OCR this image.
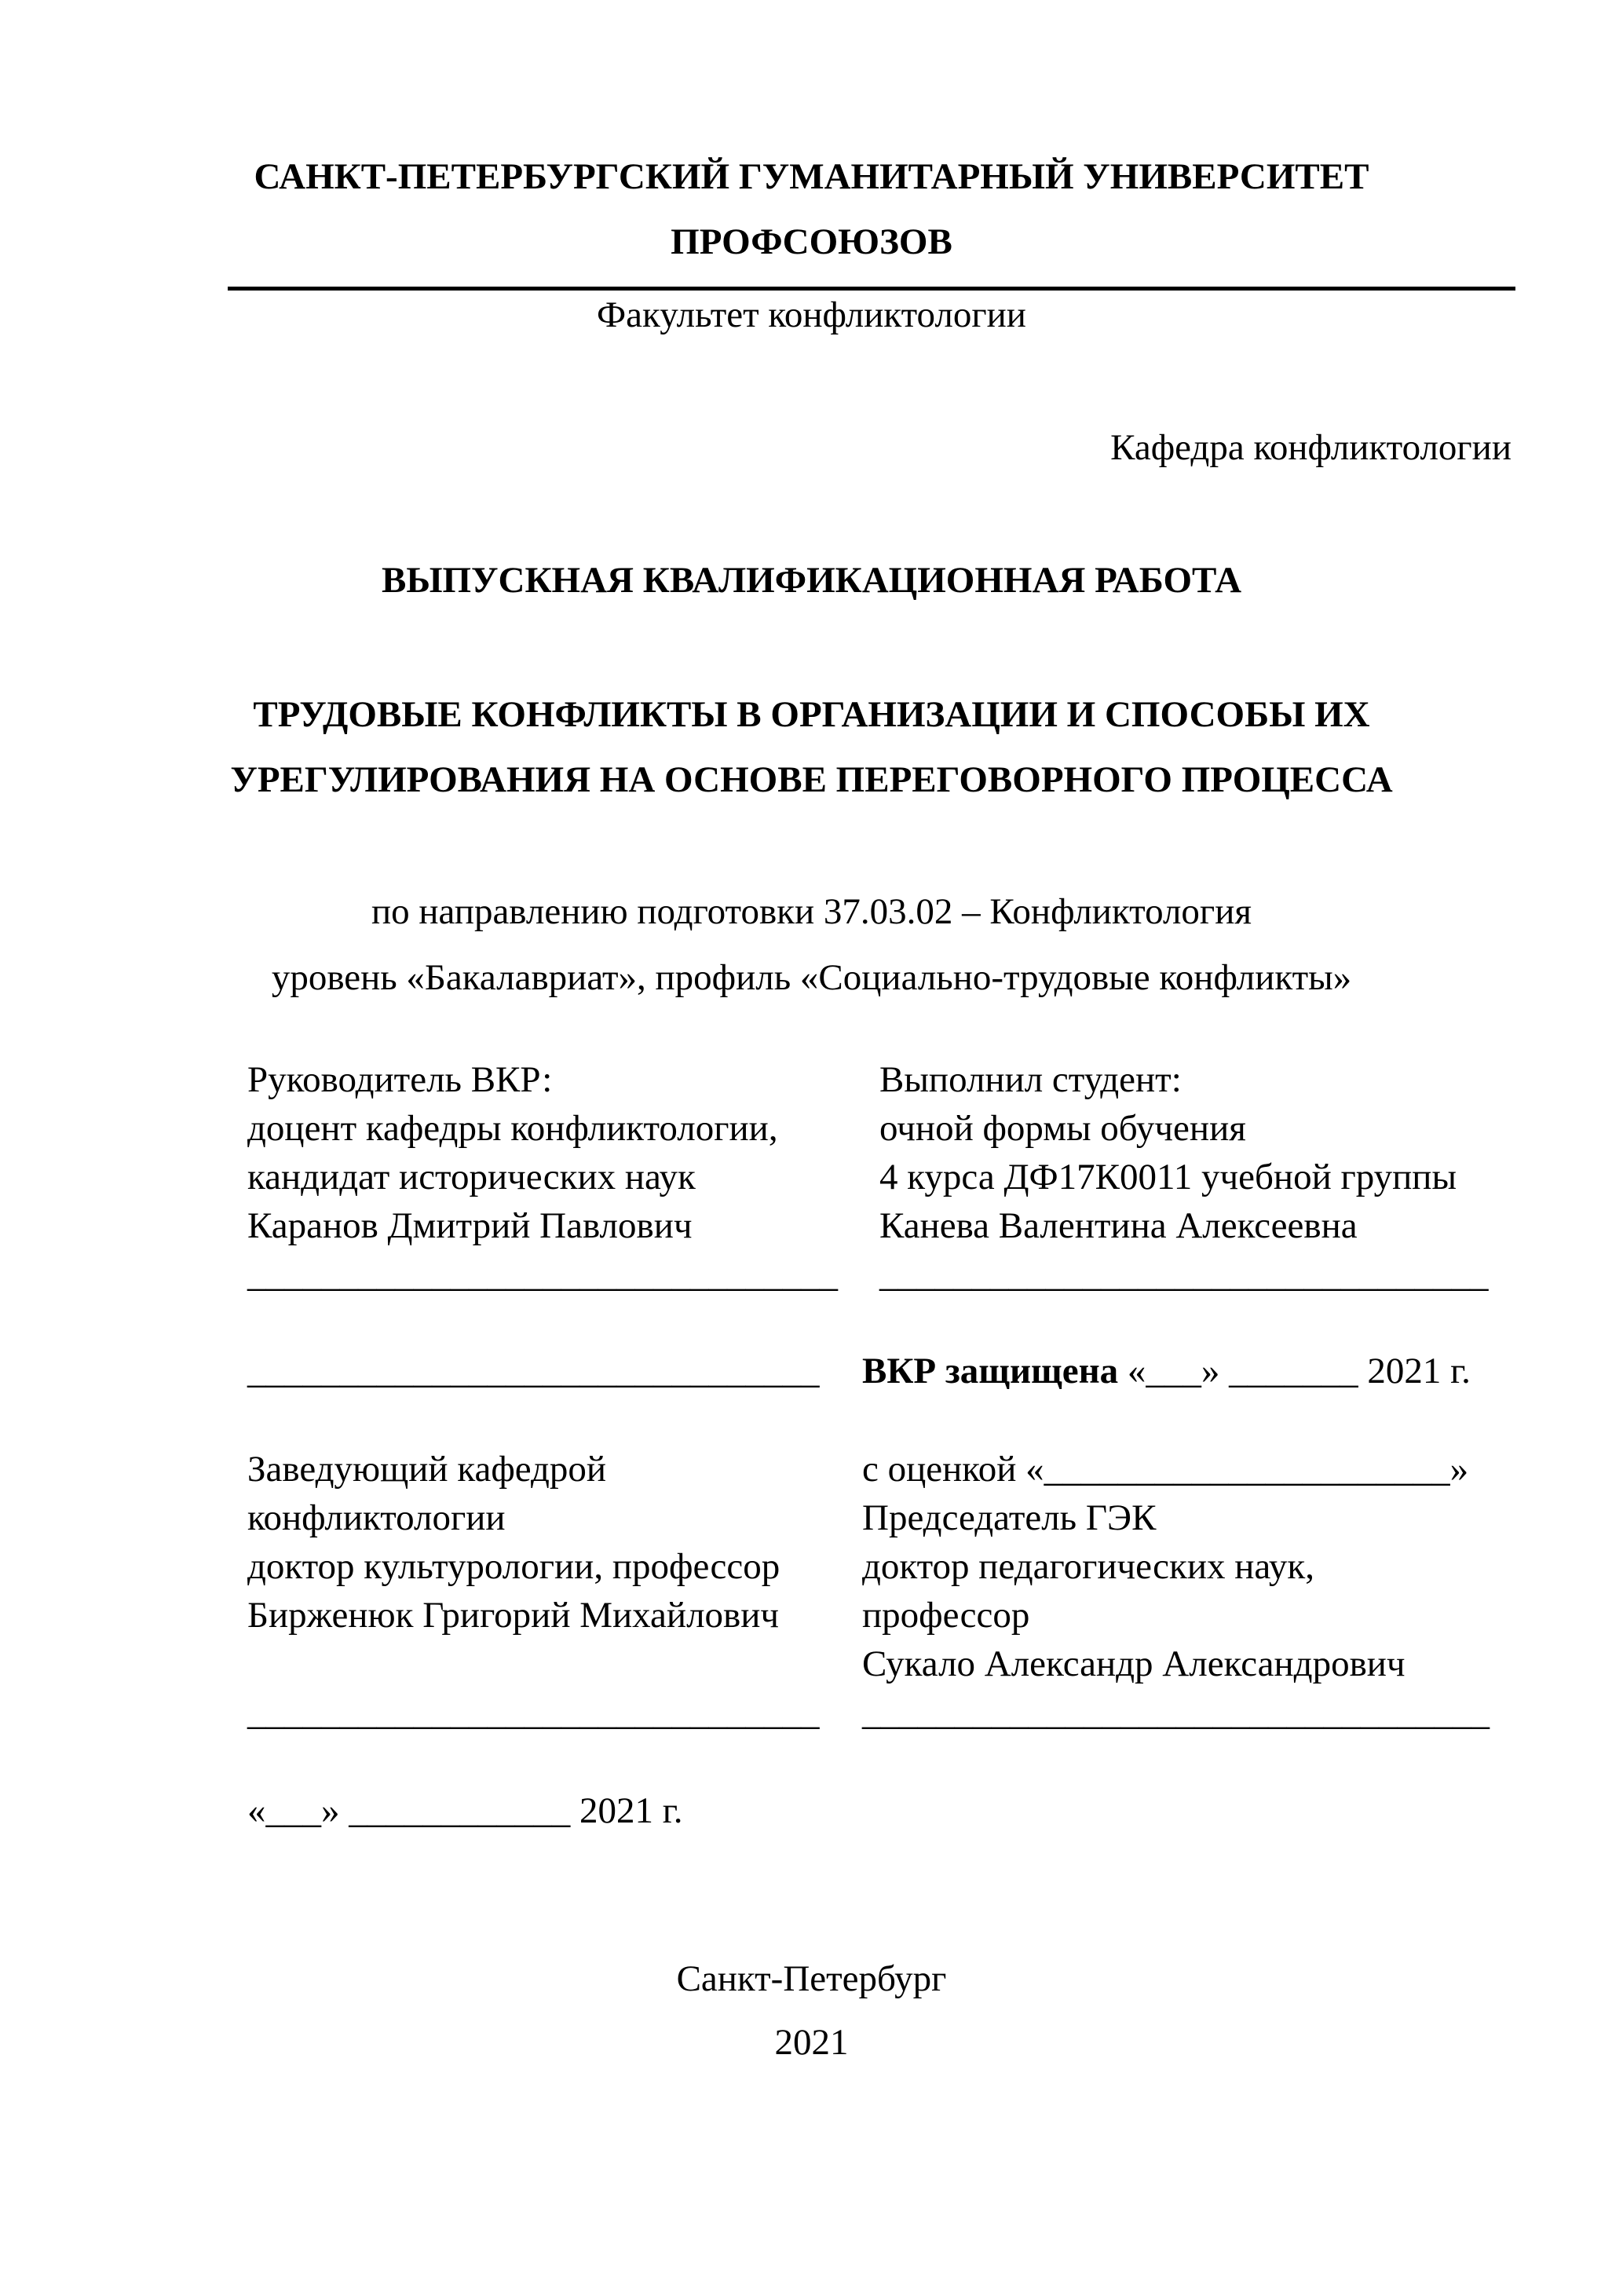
САНКТ-ПЕТЕРБУРГСКИЙ ГУМАНИТАРНЫЙ УНИВЕРСИТЕТ
ПРОФСОЮЗОВ
Факультет конфликтологии
Кафедра конфликтологии
ВЫПУСКНАЯ КВАЛИФИКАЦИОННАЯ РАБОТА
ТРУДОВЫЕ КОНФЛИКТЫ В ОРГАНИЗАЦИИ И СПОСОБЫ ИХ
УРЕГУЛИРОВАНИЯ НА ОСНОВЕ ПЕРЕГОВОРНОГО ПРОЦЕССА
по направлению подготовки 37.03.02 – Конфликтология
уровень «Бакалавриат», профиль «Социально-трудовые конфликты»
Руководитель ВКР:
доцент кафедры конфликтологии,
кандидат исторических наук
Каранов Дмитрий Павлович
________________________________
_______________________________
Выполнил студент:
очной формы обучения
4 курса ДФ17К0011 учебной группы
Канева Валентина Алексеевна
_________________________________
ВКР защищена «___» _______ 2021 г.
Заведующий кафедрой
конфликтологии
доктор культурологии, профессор
Бирженюк Григорий Михайлович
_______________________________
«___» ____________ 2021 г.
с оценкой «______________________»
Председатель ГЭК
доктор педагогических наук,
профессор
Сукало Александр Александрович
__________________________________
Санкт-Петербург
2021
